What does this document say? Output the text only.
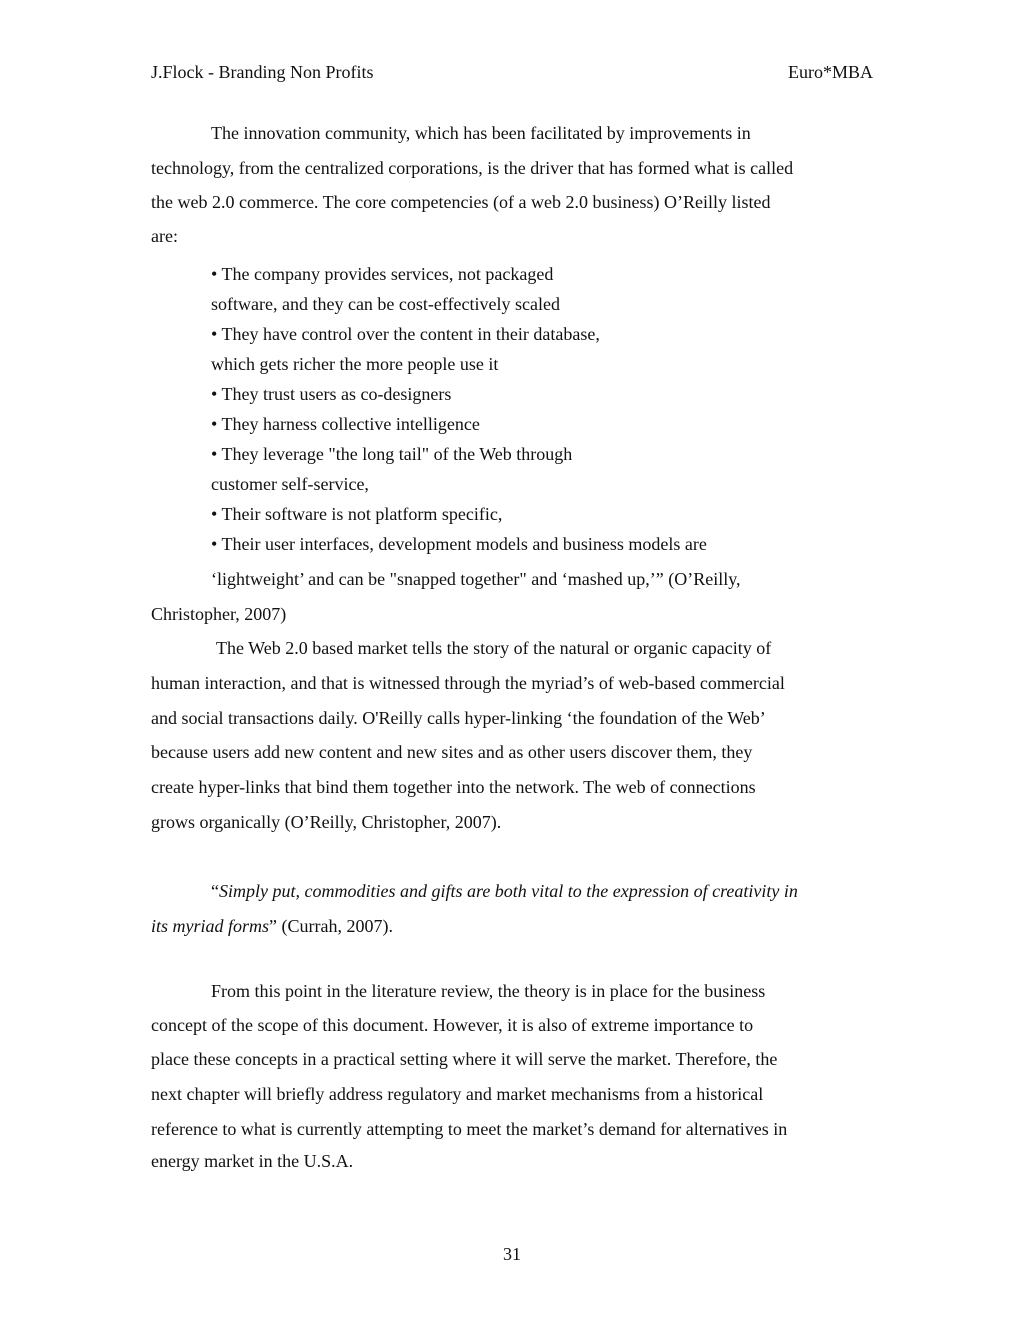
J.Flock - Branding Non Profits	Euro*MBA
The innovation community, which has been facilitated by improvements in
technology, from the centralized corporations, is the driver that has formed what is called
the web 2.0 commerce. The core competencies (of a web 2.0 business) O’Reilly listed
are:
• The company provides services, not packaged
software, and they can be cost-effectively scaled
• They have control over the content in their database,
which gets richer the more people use it
• They trust users as co-designers
• They harness collective intelligence
• They leverage "the long tail" of the Web through
customer self-service,
• Their software is not platform specific,
• Their user interfaces, development models and business models are
‘lightweight’ and can be "snapped together" and ‘mashed up,’” (O’Reilly,
Christopher, 2007)
The Web 2.0 based market tells the story of the natural or organic capacity of
human interaction, and that is witnessed through the myriad’s of web-based commercial
and social transactions daily. O'Reilly calls hyper-linking ‘the foundation of the Web’
because users add new content and new sites and as other users discover them, they
create hyper-links that bind them together into the network. The web of connections
grows organically (O’Reilly, Christopher, 2007).
“Simply put, commodities and gifts are both vital to the expression of creativity in
its myriad forms” (Currah, 2007).
From this point in the literature review, the theory is in place for the business
concept of the scope of this document. However, it is also of extreme importance to
place these concepts in a practical setting where it will serve the market. Therefore, the
next chapter will briefly address regulatory and market mechanisms from a historical
reference to what is currently attempting to meet the market’s demand for alternatives in
energy market in the U.S.A.
31
